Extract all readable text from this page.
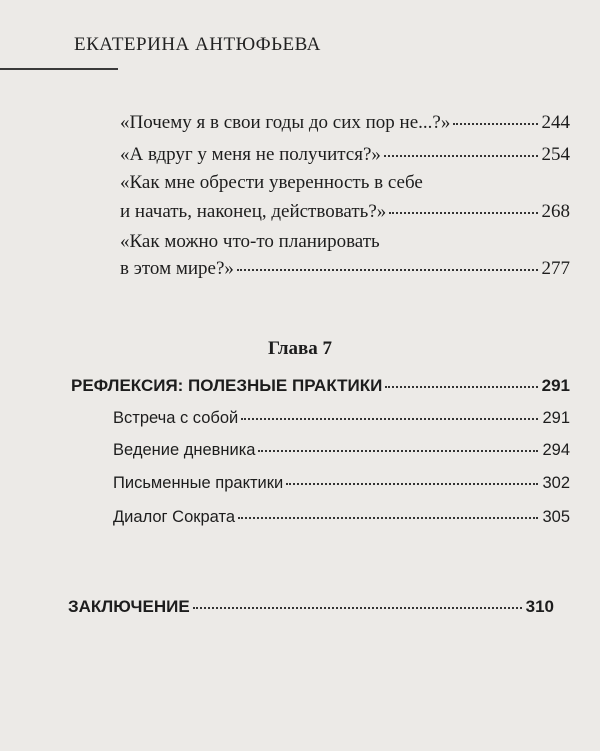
ЕКАТЕРИНА АНТЮФЬЕВА
«Почему я в свои годы до сих пор не...?»	244
«А вдруг у меня не получится?»	254
«Как мне обрести уверенность в себе
и начать, наконец, действовать?»	268
«Как можно что-то планировать
в этом мире?»	277
Глава 7
РЕФЛЕКСИЯ: ПОЛЕЗНЫЕ ПРАКТИКИ	291
Встреча с собой	291
Ведение дневника	294
Письменные практики	302
Диалог Сократа	305
ЗАКЛЮЧЕНИЕ	310
